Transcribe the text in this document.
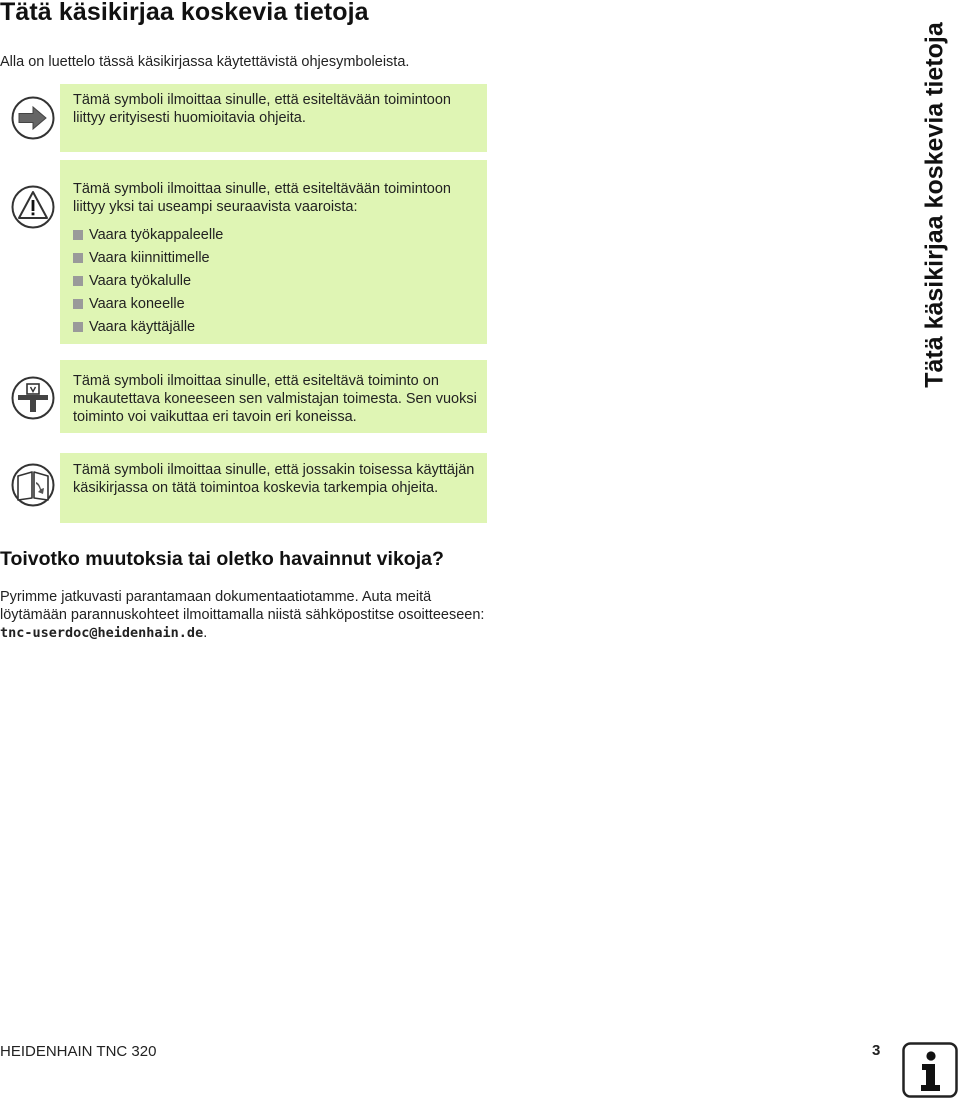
Tätä käsikirjaa koskevia tietoja
Alla on luettelo tässä käsikirjassa käytettävistä ohjesymboleista.
Tämä symboli ilmoittaa sinulle, että esiteltävään toimintoon liittyy erityisesti huomioitavia ohjeita.
Tämä symboli ilmoittaa sinulle, että esiteltävään toimintoon liittyy yksi tai useampi seuraavista vaaroista:
Vaara työkappaleelle
Vaara kiinnittimelle
Vaara työkalulle
Vaara koneelle
Vaara käyttäjälle
Tämä symboli ilmoittaa sinulle, että esiteltävä toiminto on mukautettava koneeseen sen valmistajan toimesta. Sen vuoksi toiminto voi vaikuttaa eri tavoin eri koneissa.
Tämä symboli ilmoittaa sinulle, että jossakin toisessa käyttäjän käsikirjassa on tätä toimintoa koskevia tarkempia ohjeita.
Toivotko muutoksia tai oletko havainnut vikoja?
Pyrimme jatkuvasti parantamaan dokumentaatiotamme. Auta meitä löytämään parannuskohteet ilmoittamalla niistä sähköpostitse osoitteeseen: tnc-userdoc@heidenhain.de.
Tätä käsikirjaa koskevia tietoja
HEIDENHAIN TNC 320	3
